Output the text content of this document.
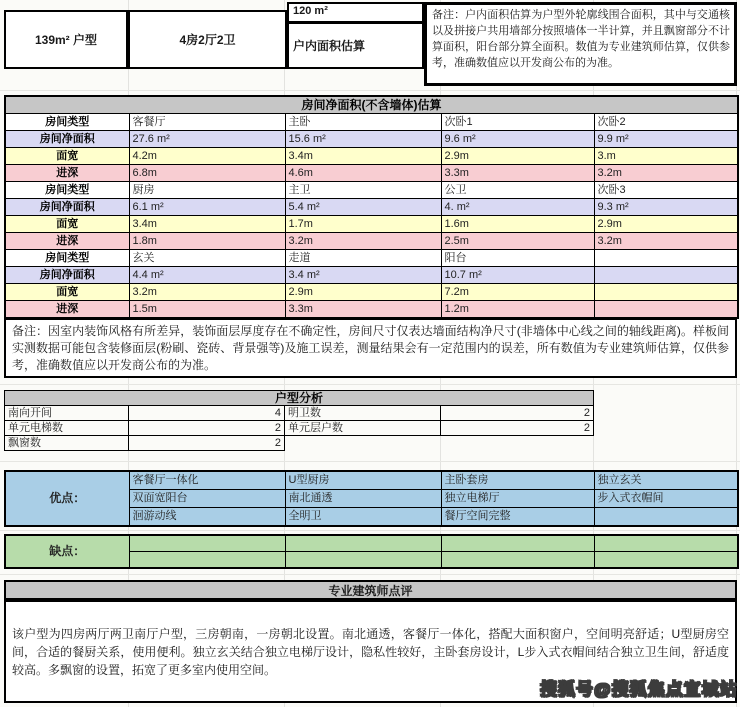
139m² 户型	4房2厅2卫
120 m²
户内面积估算
备注：户内面积估算为户型外轮廓线围合面积，其中与交通核以及拼接户共用墙部分按照墙体一半计算，并且飘窗部分不计算面积，阳台部分算全面积。数值为专业建筑师估算，仅供参考，准确数值应以开发商公布的为准。
房间净面积(不含墙体)估算				
房间类型	客餐厅	主卧	次卧1	次卧2
房间净面积	27.6 m²	15.6 m²	9.6 m²	9.9 m²
面宽	4.2m	3.4m	2.9m	3.m
进深	6.8m	4.6m	3.3m	3.2m
房间类型	厨房	主卫	公卫	次卧3
房间净面积	6.1 m²	5.4 m²	4. m²	9.3 m²
面宽	3.4m	1.7m	1.6m	2.9m
进深	1.8m	3.2m	2.5m	3.2m
房间类型	玄关	走道	阳台	
房间净面积	4.4 m²	3.4 m²	10.7 m²	
面宽	3.2m	2.9m	7.2m	
进深	1.5m	3.3m	1.2m	
备注：因室内装饰风格有所差异，装饰面层厚度存在不确定性，房间尺寸仅表达墙面结构净尺寸(非墙体中心线之间的轴线距离)。样板间实测数据可能包含装修面层(粉刷、瓷砖、背景强等)及施工误差，测量结果会有一定范围内的误差，所有数值为专业建筑师估算，仅供参考，准确数值应以开发商公布的为准。
户型分析			
南向开间	4	明卫数	2
单元电梯数	2	单元层户数	2
飘窗数	2		
优点：	客餐厅一体化	U型厨房	主卧套房	独立玄关
	双面宽阳台	南北通透	独立电梯厅	步入式衣帽间
	洄游动线	全明卫	餐厅空间完整	
缺点：				

专业建筑师点评

该户型为四房两厅两卫南厅户型，三房朝南，一房朝北设置。南北通透，客餐厅一体化，搭配大面积窗户，空间明亮舒适；U型厨房空间，合适的餐厨关系，使用便利。独立玄关结合独立电梯厅设计，隐私性较好，主卧套房设计，L步入式衣帽间结合独立卫生间，舒适度较高。多飘窗的设置，拓宽了更多室内使用空间。

搜狐号@搜狐焦点宣城站
